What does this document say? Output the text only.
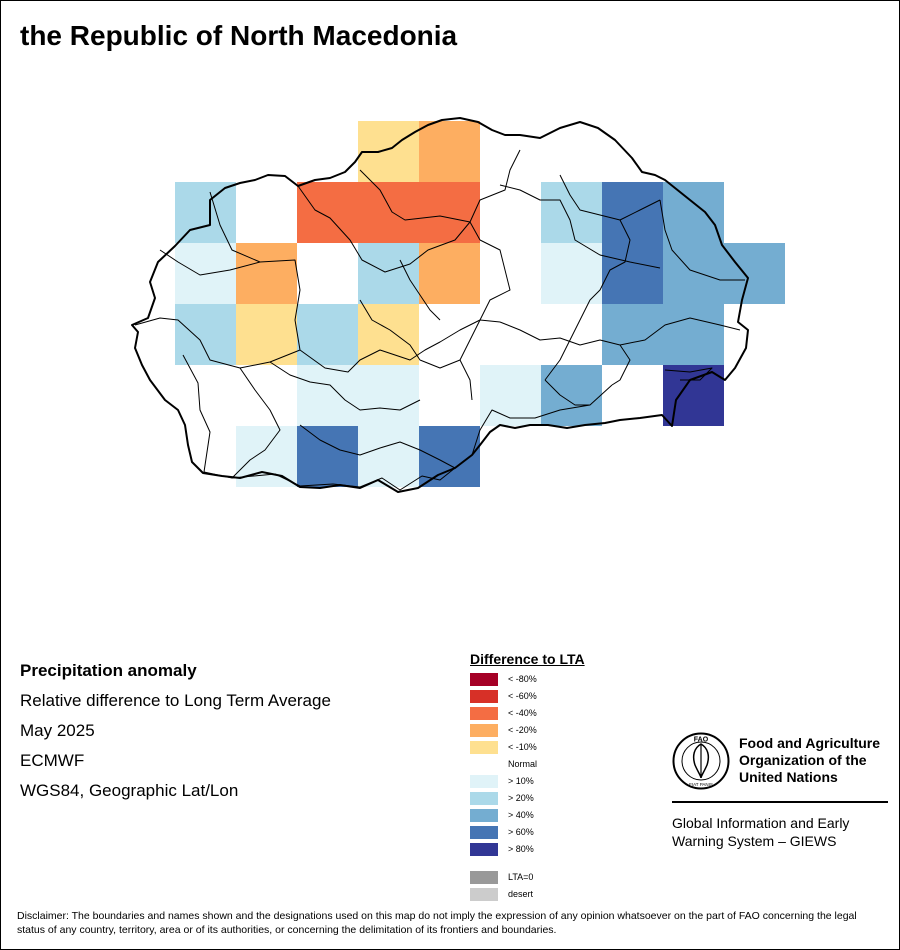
the Republic of North Macedonia
Precipitation anomaly
Relative difference to Long Term Average
May 2025
ECMWF
WGS84, Geographic Lat/Lon
Difference to LTA
< -80%
< -60%
< -40%
< -20%
< -10%
Normal
> 10%
> 20%
> 40%
> 60%
> 80%
LTA=0
desert
FAO
FIAT PANIS
Food and Agriculture
Organization of the
United Nations
Global Information and Early
Warning System – GIEWS
Disclaimer: The boundaries and names shown and the designations used on this map do not imply the expression of any opinion whatsoever on the part of FAO concerning the legal status of any country, territory, area or of its authorities, or concerning the delimitation of its frontiers and boundaries.
